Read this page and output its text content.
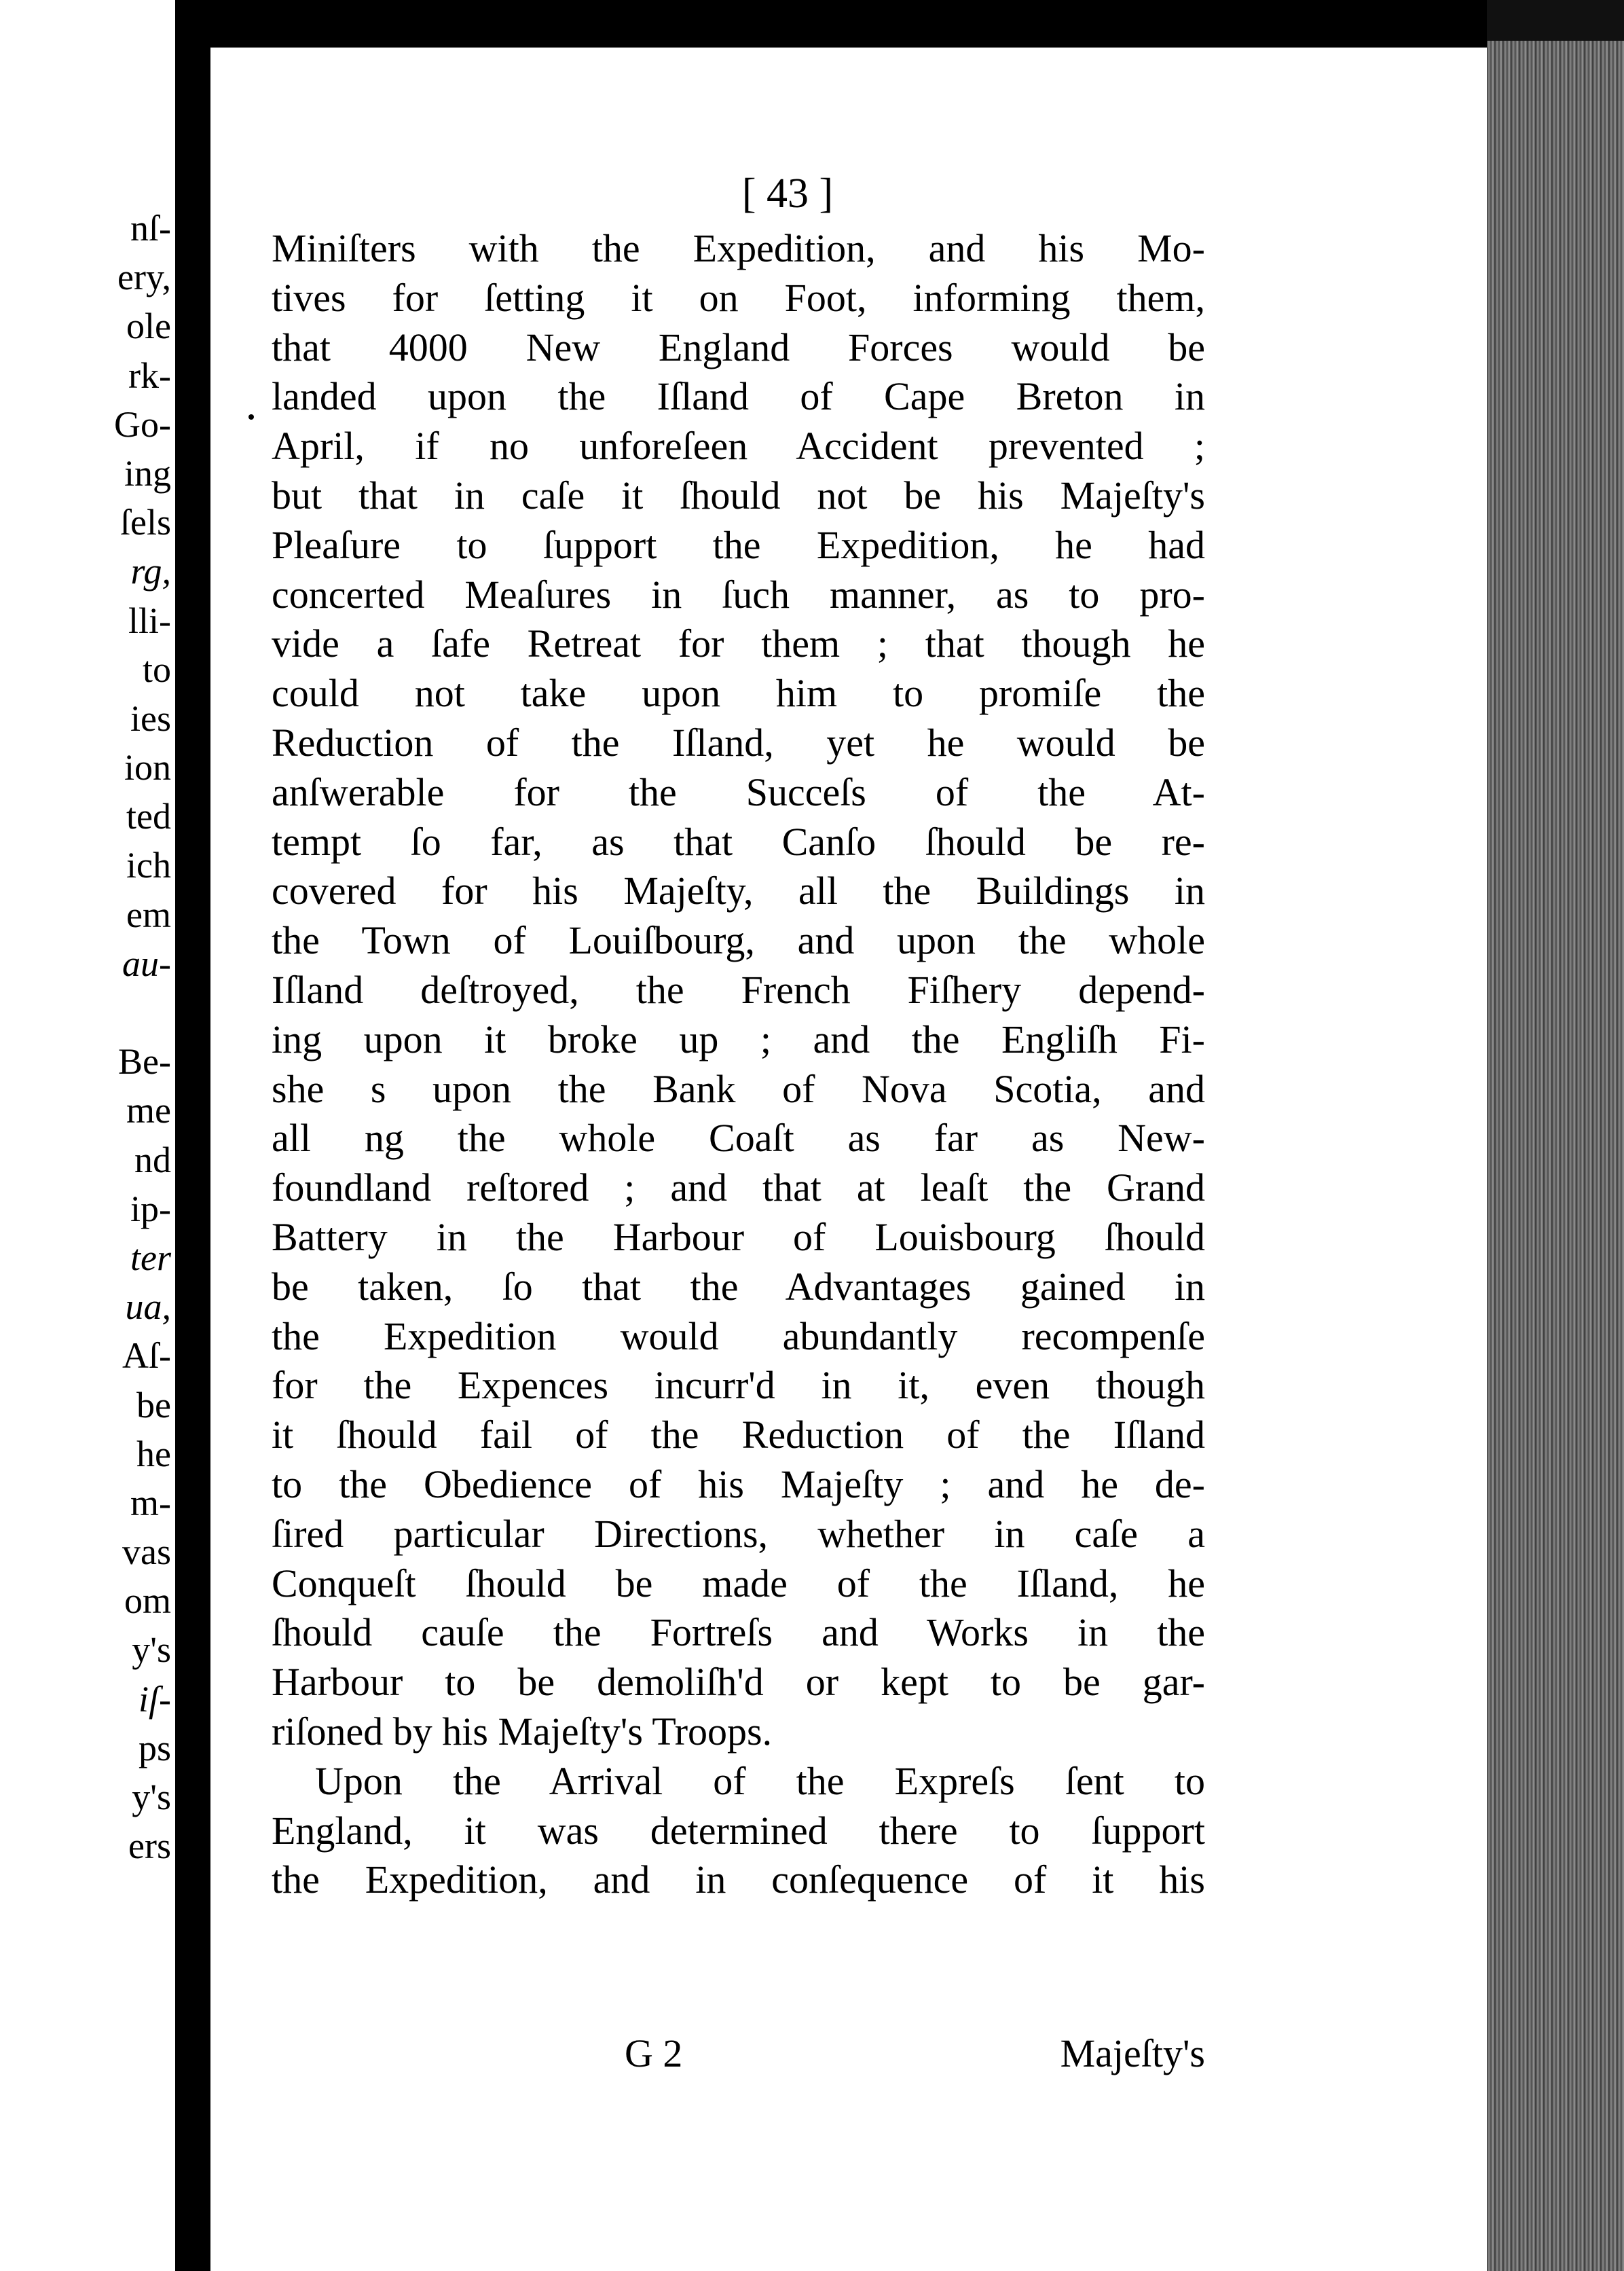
nſ-
ery,
ole
rk-
Go-
ing
ſels
rg,
lli-
to
ies
ion
ted
ich
em
au-
Be-
me
nd
ip-
ter
ua,
Aſ-
be
he
m-
vas
om
y's
iſ-
ps
y's
ers
[ 43 ]
Miniſters with the Expedition, and his Mo-
tives for ſetting it on Foot, informing them,
that 4000 New England Forces would be
landed upon the Iſland of Cape Breton in
April, if no unforeſeen Accident prevented ;
but that in caſe it ſhould not be his Majeſty's
Pleaſure to ſupport the Expedition, he had
concerted Meaſures in ſuch manner, as to pro-
vide a ſafe Retreat for them ; that though he
could not take upon him to promiſe the
Reduction of the Iſland, yet he would be
anſwerable for the Succeſs of the At-
tempt ſo far, as that Canſo ſhould be re-
covered for his Majeſty, all the Buildings in
the Town of Louiſbourg, and upon the whole
Iſland deſtroyed, the French Fiſhery depend-
ing upon it broke up ; and the Engliſh Fi-
she s upon the Bank of Nova Scotia, and
all ng the whole Coaſt as far as New-
foundland reſtored ; and that at leaſt the Grand
Battery in the Harbour of Louisbourg ſhould
be taken, ſo that the Advantages gained in
the Expedition would abundantly recompenſe
for the Expences incurr'd in it, even though
it ſhould fail of the Reduction of the Iſland
to the Obedience of his Majeſty ; and he de-
ſired particular Directions, whether in caſe a
Conqueſt ſhould be made of the Iſland, he
ſhould cauſe the Fortreſs and Works in the
Harbour to be demoliſh'd or kept to be gar-
riſoned by his Majeſty's Troops.
Upon the Arrival of the Expreſs ſent to
England, it was determined there to ſupport
the Expedition, and in conſequence of it his
G 2	Majeſty's
